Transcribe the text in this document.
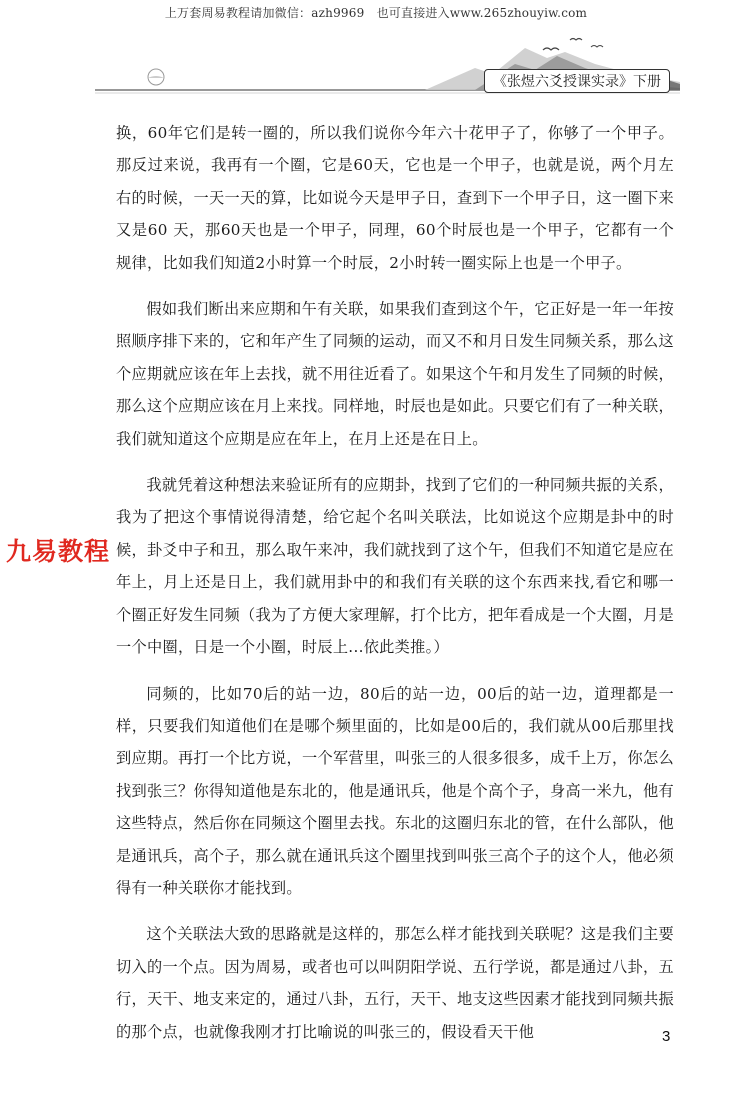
上万套周易教程请加微信：azh9969　也可直接进入www.265zhouyiw.com
《张煜六爻授课实录》下册
九易教程

换，60年它们是转一圈的，所以我们说你今年六十花甲子了，你够了一个甲子。那反过来说，我再有一个圈，它是60天，它也是一个甲子，也就是说，两个月左右的时候，一天一天的算，比如说今天是甲子日，查到下一个甲子日，这一圈下来又是60 天，那60天也是一个甲子，同理，60个时辰也是一个甲子，它都有一个规律，比如我们知道2小时算一个时辰，2小时转一圈实际上也是一个甲子。

假如我们断出来应期和午有关联，如果我们查到这个午，它正好是一年一年按照顺序排下来的，它和年产生了同频的运动，而又不和月日发生同频关系，那么这个应期就应该在年上去找，就不用往近看了。如果这个午和月发生了同频的时候，那么这个应期应该在月上来找。同样地，时辰也是如此。只要它们有了一种关联，我们就知道这个应期是应在年上，在月上还是在日上。

我就凭着这种想法来验证所有的应期卦，找到了它们的一种同频共振的关系，我为了把这个事情说得清楚，给它起个名叫关联法，比如说这个应期是卦中的时候，卦爻中子和丑，那么取午来冲，我们就找到了这个午，但我们不知道它是应在年上，月上还是日上，我们就用卦中的和我们有关联的这个东西来找,看它和哪一个圈正好发生同频（我为了方便大家理解，打个比方，把年看成是一个大圈，月是一个中圈，日是一个小圈，时辰上...依此类推。）

同频的，比如70后的站一边，80后的站一边，00后的站一边，道理都是一样，只要我们知道他们在是哪个频里面的，比如是00后的，我们就从00后那里找到应期。再打一个比方说，一个军营里，叫张三的人很多很多，成千上万，你怎么找到张三？你得知道他是东北的，他是通讯兵，他是个高个子，身高一米九，他有这些特点，然后你在同频这个圈里去找。东北的这圈归东北的管，在什么部队，他是通讯兵，高个子，那么就在通讯兵这个圈里找到叫张三高个子的这个人，他必须得有一种关联你才能找到。

这个关联法大致的思路就是这样的，那怎么样才能找到关联呢？这是我们主要切入的一个点。因为周易，或者也可以叫阴阳学说、五行学说，都是通过八卦，五行，天干、地支来定的，通过八卦，五行，天干、地支这些因素才能找到同频共振的那个点，也就像我刚才打比喻说的叫张三的，假设看天干他	3
